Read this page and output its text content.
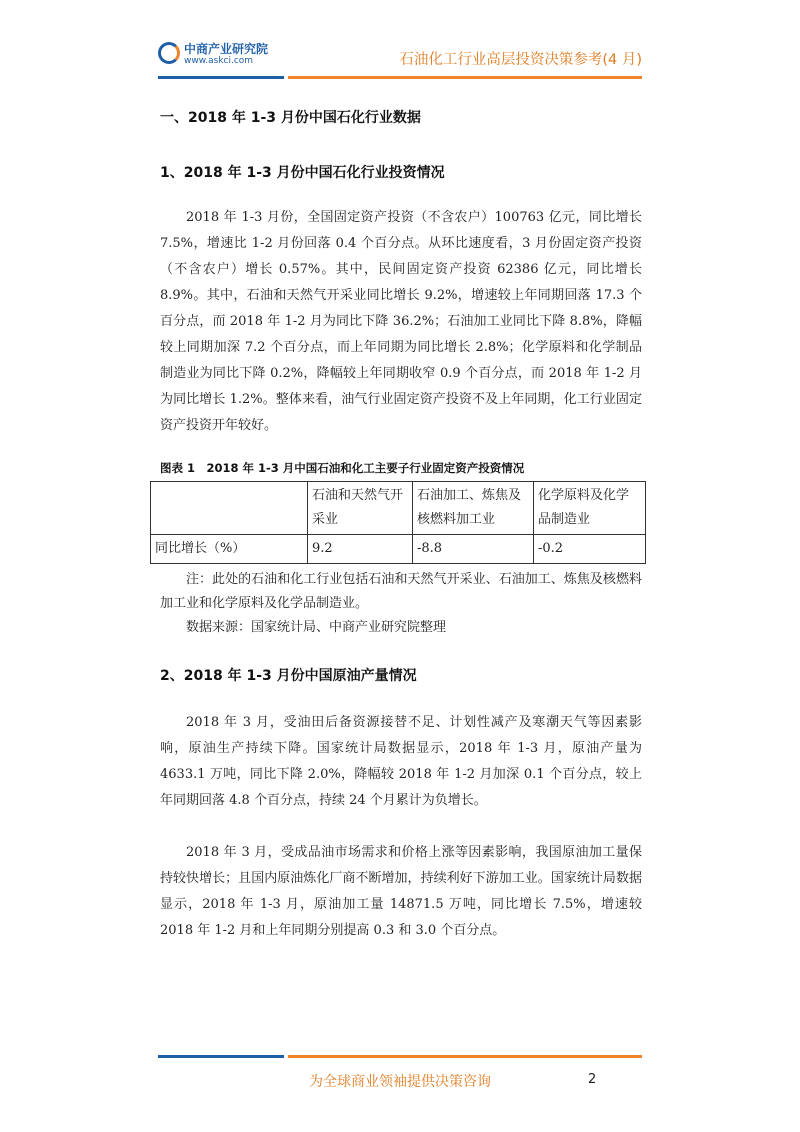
中商产业研究院
www.askci.com	石油化工行业高层投资决策参考(4 月)
一、2018 年 1-3 月份中国石化行业数据
1、2018 年 1-3 月份中国石化行业投资情况

2018 年 1-3 月份，全国固定资产投资（不含农户）100763 亿元，同比增长 7.5%，增速比 1-2 月份回落 0.4 个百分点。从环比速度看，3 月份固定资产投资（不含农户）增长 0.57%。其中，民间固定资产投资 62386 亿元，同比增长 8.9%。其中，石油和天然气开采业同比增长 9.2%，增速较上年同期回落 17.3 个百分点，而 2018 年 1-2 月为同比下降 36.2%；石油加工业同比下降 8.8%，降幅较上同期加深 7.2 个百分点，而上年同期为同比增长 2.8%；化学原料和化学制品制造业为同比下降 0.2%，降幅较上年同期收窄 0.9 个百分点，而 2018 年 1-2 月为同比增长 1.2%。整体来看，油气行业固定资产投资不及上年同期，化工行业固定资产投资开年较好。

图表 1　2018 年 1-3 月中国石油和化工主要子行业固定资产投资情况
	石油和天然气开采业	石油加工、炼焦及核燃料加工业	化学原料及化学品制造业
同比增长（%）	9.2	-8.8	-0.2

注：此处的石油和化工行业包括石油和天然气开采业、石油加工、炼焦及核燃料加工业和化学原料及化学品制造业。

数据来源：国家统计局、中商产业研究院整理

2、2018 年 1-3 月份中国原油产量情况

2018 年 3 月，受油田后备资源接替不足、计划性减产及寒潮天气等因素影响，原油生产持续下降。国家统计局数据显示，2018 年 1-3 月，原油产量为 4633.1 万吨，同比下降 2.0%，降幅较 2018 年 1-2 月加深 0.1 个百分点，较上年同期回落 4.8 个百分点，持续 24 个月累计为负增长。

2018 年 3 月，受成品油市场需求和价格上涨等因素影响，我国原油加工量保持较快增长；且国内原油炼化厂商不断增加，持续利好下游加工业。国家统计局数据显示，2018 年 1-3 月，原油加工量 14871.5 万吨，同比增长 7.5%，增速较 2018 年 1-2 月和上年同期分别提高 0.3 和 3.0 个百分点。

为全球商业领袖提供决策咨询	2
